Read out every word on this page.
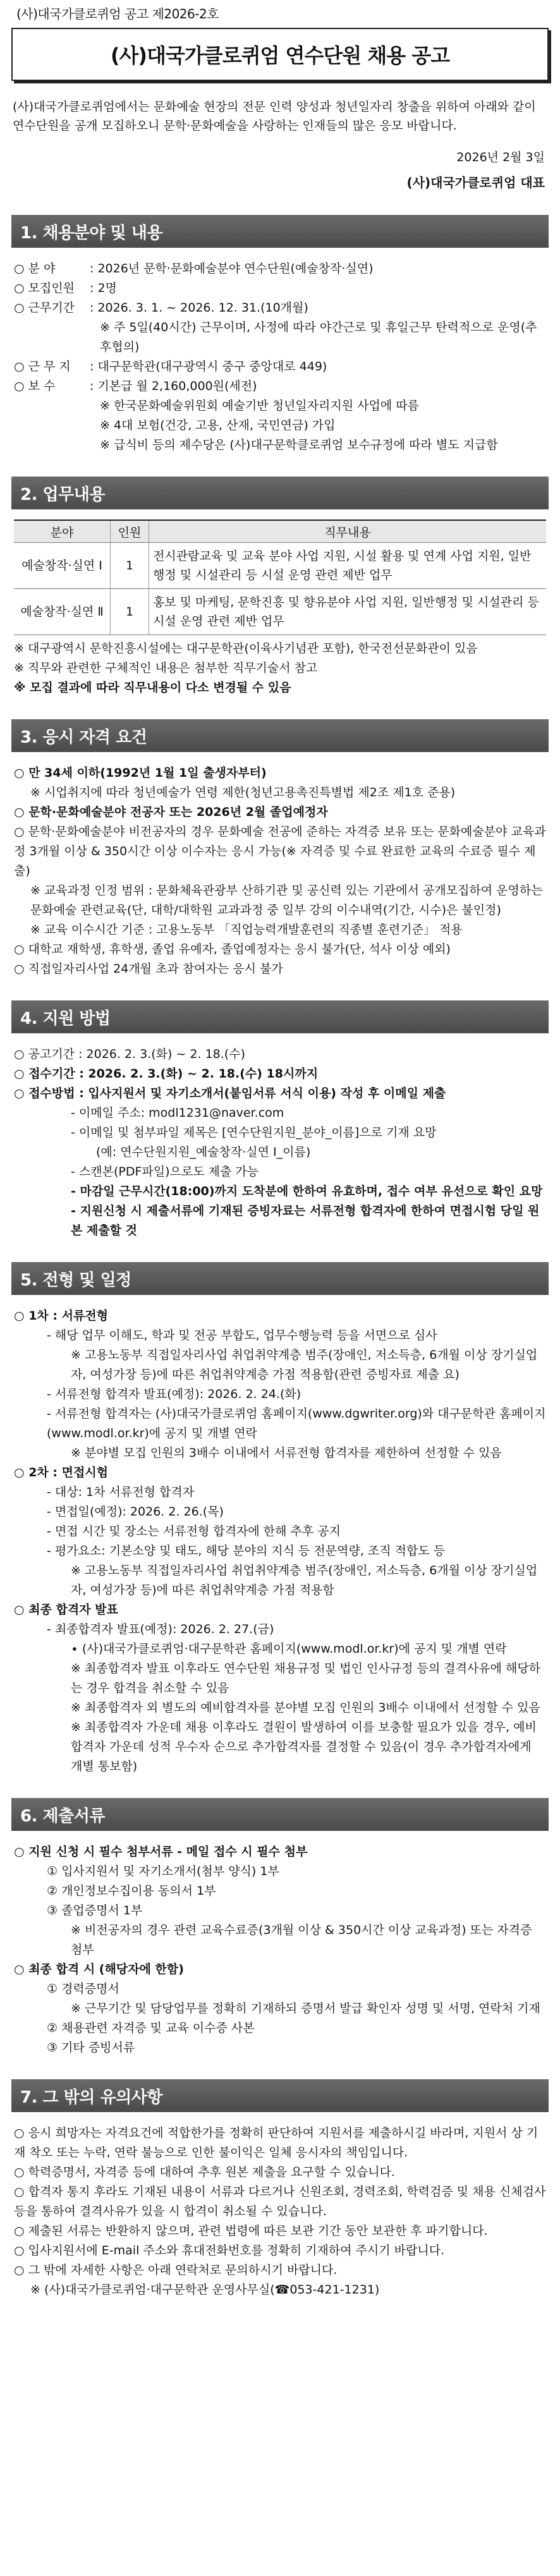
(사)대국가클로퀴엄 공고 제2026-2호
(사)대국가클로퀴엄 연수단원 채용 공고
(사)대국가클로퀴엄에서는 문화예술 현장의 전문 인력 양성과 청년일자리 창출을 위하여 아래와 같이 연수단원을 공개 모집하오니 문학·문화예술을 사랑하는 인재들의 많은 응모 바랍니다.
2026년 2월 3일
(사)대국가클로퀴엄 대표
1. 채용분야 및 내용
○ 분 야	: 2026년 문학·문화예술분야 연수단원(예술창작·실연)
○ 모집인원	: 2명
○ 근무기간	: 2026. 3. 1. ~ 2026. 12. 31.(10개월)
※ 주 5일(40시간) 근무이며, 사정에 따라 야간근로 및 휴일근무 탄력적으로 운영(추후협의)
○ 근 무 지	: 대구문학관(대구광역시 중구 중앙대로 449)
○ 보 수	: 기본급 월 2,160,000원(세전)
※ 한국문화예술위원회 예술기반 청년일자리지원 사업에 따름
※ 4대 보험(건강, 고용, 산재, 국민연금) 가입
※ 급식비 등의 제수당은 (사)대구문학클로퀴엄 보수규정에 따라 별도 지급함
2. 업무내용
분야	인원	직무내용
예술창작·실연 Ⅰ	1	전시관람교육 및 교육 분야 사업 지원, 시설 활용 및 연계 사업 지원, 일반행정 및 시설관리 등 시설 운영 관련 제반 업무
예술창작·실연 Ⅱ	1	홍보 및 마케팅, 문학진흥 및 향유분야 사업 지원, 일반행정 및 시설관리 등 시설 운영 관련 제반 업무
※ 대구광역시 문학진흥시설에는 대구문학관(이육사기념관 포함), 한국전선문화관이 있음
※ 직무와 관련한 구체적인 내용은 첨부한 직무기술서 참고
※ 모집 결과에 따라 직무내용이 다소 변경될 수 있음
3. 응시 자격 요건
○ 만 34세 이하(1992년 1월 1일 출생자부터)
※ 시업취지에 따라 청년예술가 연령 제한(청년고용촉진특별법 제2조 제1호 준용)
○ 문학·문화예술분야 전공자 또는 2026년 2월 졸업예정자
○ 문학·문화예술분야 비전공자의 경우 문화예술 전공에 준하는 자격증 보유 또는 문화예술분야 교육과정 3개월 이상 & 350시간 이상 이수자는 응시 가능(※ 자격증 및 수료 완료한 교육의 수료증 필수 제출)
※ 교육과정 인정 범위 : 문화체육관광부 산하기관 및 공신력 있는 기관에서 공개모집하여 운영하는 문화예술 관련교육(단, 대학/대학원 교과과정 중 일부 강의 이수내역(기간, 시수)은 불인정)
※ 교육 이수시간 기준 : 고용노동부 「직업능력개발훈련의 직종별 훈련기준」 적용
○ 대학교 재학생, 휴학생, 졸업 유예자, 졸업예정자는 응시 불가(단, 석사 이상 예외)
○ 직접일자리사업 24개월 초과 참여자는 응시 불가
4. 지원 방법
○ 공고기간 : 2026. 2. 3.(화) ~ 2. 18.(수)
○ 접수기간 : 2026. 2. 3.(화) ~ 2. 18.(수) 18시까지
○ 접수방법 : 입사지원서 및 자기소개서(붙임서류 서식 이용) 작성 후 이메일 제출
- 이메일 주소: modl1231@naver.com
- 이메일 및 첨부파일 제목은 [연수단원지원_분야_이름]으로 기재 요망
(예: 연수단원지원_예술창작·실연 Ⅰ_이름)
- 스캔본(PDF파일)으로도 제출 가능
- 마감일 근무시간(18:00)까지 도착분에 한하여 유효하며, 접수 여부 유선으로 확인 요망
- 지원신청 시 제출서류에 기재된 증빙자료는 서류전형 합격자에 한하여 면접시험 당일 원본 제출할 것
5. 전형 및 일정
○ 1차 : 서류전형
- 해당 업무 이해도, 학과 및 전공 부합도, 업무수행능력 등을 서면으로 심사
※ 고용노동부 직접일자리사업 취업취약계층 범주(장애인, 저소득층, 6개월 이상 장기실업자, 여성가장 등)에 따른 취업취약계층 가점 적용함(관련 증빙자료 제출 요)
- 서류전형 합격자 발표(예정): 2026. 2. 24.(화)
- 서류전형 합격자는 (사)대국가클로퀴엄 홈페이지(www.dgwriter.org)와 대구문학관 홈페이지(www.modl.or.kr)에 공지 및 개별 연락
※ 분야별 모집 인원의 3배수 이내에서 서류전형 합격자를 제한하여 선정할 수 있음
○ 2차 : 면접시험
- 대상: 1차 서류전형 합격자
- 면접일(예정): 2026. 2. 26.(목)
- 면접 시간 및 장소는 서류전형 합격자에 한해 추후 공지
- 평가요소: 기본소양 및 태도, 해당 분야의 지식 등 전문역량, 조직 적합도 등
※ 고용노동부 직접일자리사업 취업취약계층 범주(장애인, 저소득층, 6개월 이상 장기실업자, 여성가장 등)에 따른 취업취약계층 가점 적용함
○ 최종 합격자 발표
- 최종합격자 발표(예정): 2026. 2. 27.(금)
∙ (사)대국가클로퀴엄·대구문학관 홈페이지(www.modl.or.kr)에 공지 및 개별 연락
※ 최종합격자 발표 이후라도 연수단원 채용규정 및 법인 인사규정 등의 결격사유에 해당하는 경우 합격을 취소할 수 있음
※ 최종합격자 외 별도의 예비합격자를 분야별 모집 인원의 3배수 이내에서 선정할 수 있음
※ 최종합격자 가운데 채용 이후라도 결원이 발생하여 이를 보충할 필요가 있을 경우, 예비합격자 가운데 성적 우수자 순으로 추가합격자를 결정할 수 있음(이 경우 추가합격자에게 개별 통보함)
6. 제출서류
○ 지원 신청 시 필수 첨부서류 - 메일 접수 시 필수 첨부
① 입사지원서 및 자기소개서(첨부 양식) 1부
② 개인정보수집이용 동의서 1부
③ 졸업증명서 1부
※ 비전공자의 경우 관련 교육수료증(3개월 이상 & 350시간 이상 교육과정) 또는 자격증 첨부
○ 최종 합격 시 (해당자에 한함)
① 경력증명서
※ 근무기간 및 담당업무를 정확히 기재하되 증명서 발급 확인자 성명 및 서명, 연락처 기재
② 채용관련 자격증 및 교육 이수증 사본
③ 기타 증빙서류
7. 그 밖의 유의사항
○ 응시 희망자는 자격요건에 적합한가를 정확히 판단하여 지원서를 제출하시길 바라며, 지원서 상 기재 착오 또는 누락, 연락 불능으로 인한 불이익은 일체 응시자의 책임입니다.
○ 학력증명서, 자격증 등에 대하여 추후 원본 제출을 요구할 수 있습니다.
○ 합격자 통지 후라도 기재된 내용이 서류과 다르거나 신원조회, 경력조회, 학력검증 및 채용 신체검사 등을 통하여 결격사유가 있을 시 합격이 취소될 수 있습니다.
○ 제출된 서류는 반환하지 않으며, 관련 법령에 따른 보관 기간 동안 보관한 후 파기합니다.
○ 입사지원서에 E-mail 주소와 휴대전화번호를 정확히 기재하여 주시기 바랍니다.
○ 그 밖에 자세한 사항은 아래 연락처로 문의하시기 바랍니다.
※ (사)대국가클로퀴엄·대구문학관 운영사무실(☎053-421-1231)
